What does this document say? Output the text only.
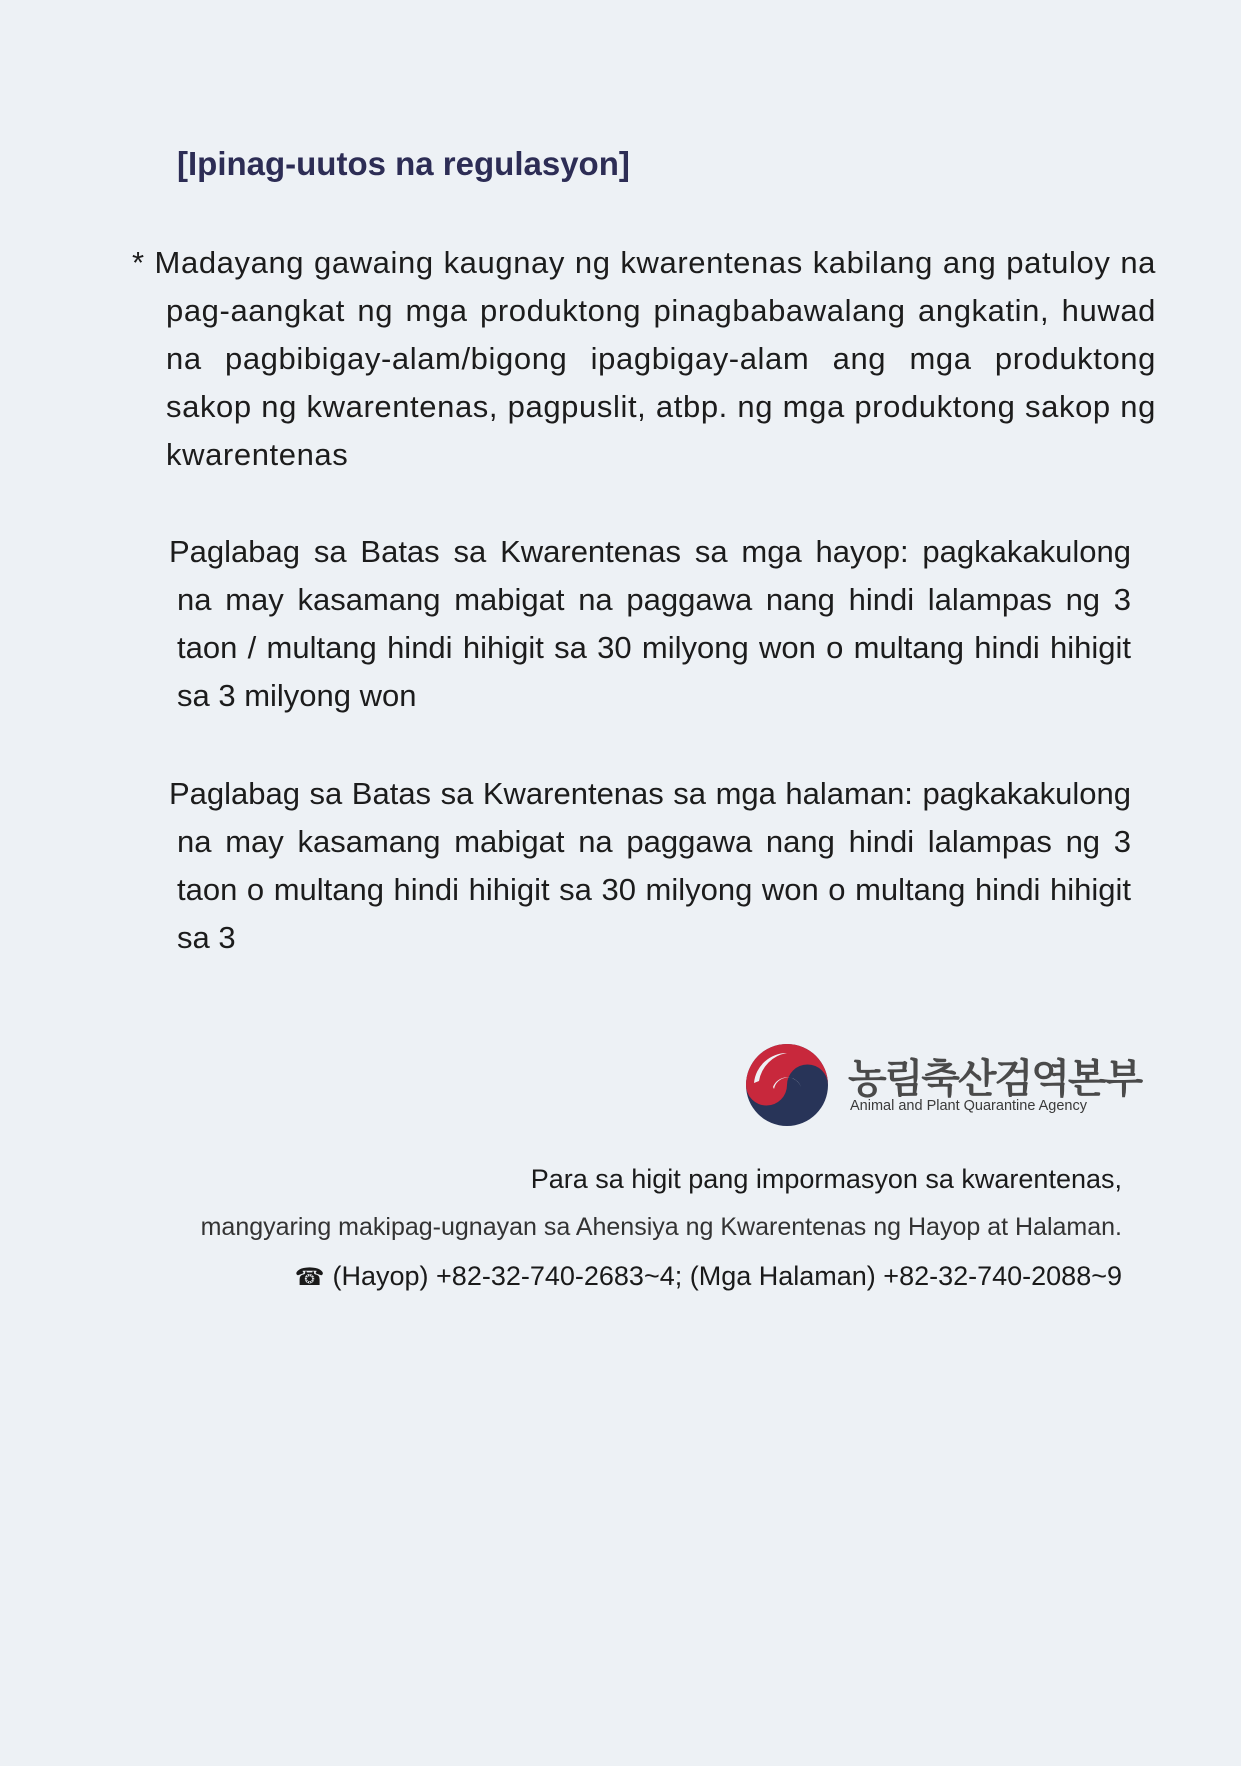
[Ipinag-uutos na regulasyon]
* Madayang gawaing kaugnay ng kwarentenas kabilang ang patuloy na pag-aangkat ng mga produktong pinagbabawalang angkatin, huwad na pagbibigay-alam/bigong ipagbigay-alam ang mga produktong sakop ng kwarentenas, pagpuslit, atbp. ng mga produktong sakop ng kwarentenas
Paglabag sa Batas sa Kwarentenas sa mga hayop: pagkakakulong na may kasamang mabigat na paggawa nang hindi lalampas ng 3 taon / multang hindi hihigit sa 30 milyong won o multang hindi hihigit sa 3 milyong won
Paglabag sa Batas sa Kwarentenas sa mga halaman: pagkakakulong na may kasamang mabigat na paggawa nang hindi lalampas ng 3 taon o multang hindi hihigit sa 30 milyong won o multang hindi hihigit sa 3
농림축산검역본부
Animal and Plant Quarantine Agency
Para sa higit pang impormasyon sa kwarentenas,
mangyaring makipag-ugnayan sa Ahensiya ng Kwarentenas ng Hayop at Halaman.
☎ (Hayop) +82-32-740-2683~4; (Mga Halaman) +82-32-740-2088~9
